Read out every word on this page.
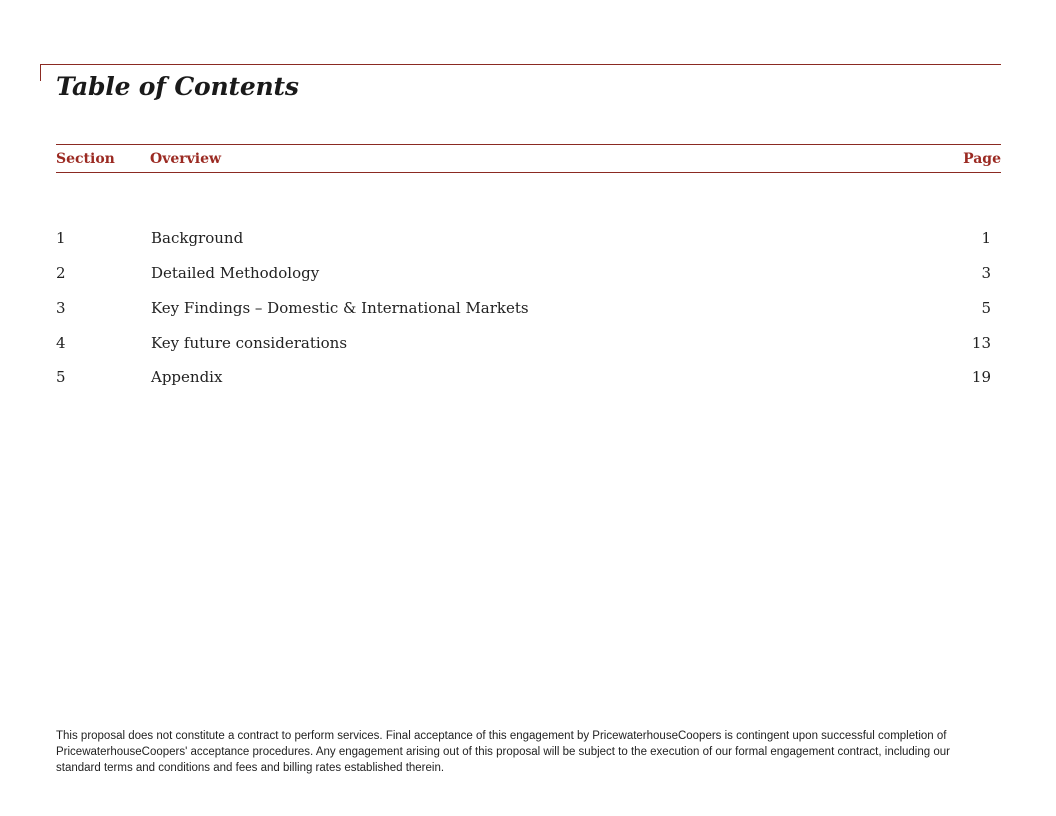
Table of Contents
Section	Overview	Page
1	Background	1
2	Detailed Methodology	3
3	Key Findings – Domestic & International Markets	5
4	Key future considerations	13
5	Appendix	19

This proposal does not constitute a contract to perform services. Final acceptance of this engagement by PricewaterhouseCoopers is contingent upon successful completion of PricewaterhouseCoopers' acceptance procedures. Any engagement arising out of this proposal will be subject to the execution of our formal engagement contract, including our standard terms and conditions and fees and billing rates established therein.
